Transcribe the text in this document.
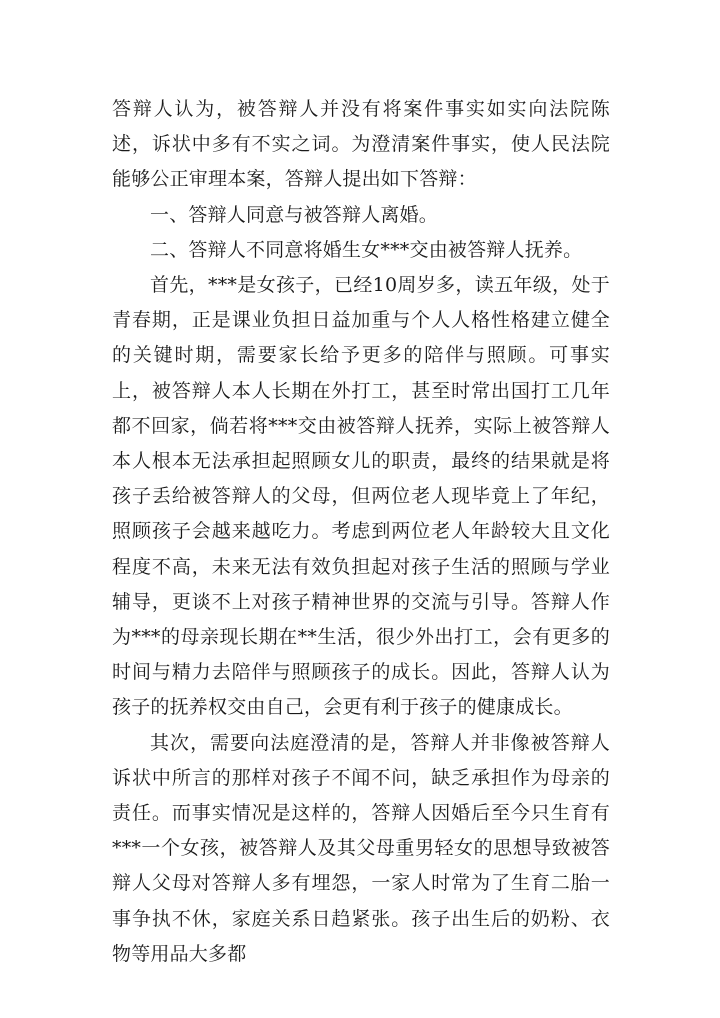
答辩人认为，被答辩人并没有将案件事实如实向法院陈述，诉状中多有不实之词。为澄清案件事实，使人民法院能够公正审理本案，答辩人提出如下答辩：

一、答辩人同意与被答辩人离婚。

二、答辩人不同意将婚生女***交由被答辩人抚养。

首先，***是女孩子，已经10周岁多，读五年级，处于青春期，正是课业负担日益加重与个人人格性格建立健全的关键时期，需要家长给予更多的陪伴与照顾。可事实上，被答辩人本人长期在外打工，甚至时常出国打工几年都不回家，倘若将***交由被答辩人抚养，实际上被答辩人本人根本无法承担起照顾女儿的职责，最终的结果就是将孩子丢给被答辩人的父母，但两位老人现毕竟上了年纪，照顾孩子会越来越吃力。考虑到两位老人年龄较大且文化程度不高，未来无法有效负担起对孩子生活的照顾与学业辅导，更谈不上对孩子精神世界的交流与引导。答辩人作为***的母亲现长期在**生活，很少外出打工，会有更多的时间与精力去陪伴与照顾孩子的成长。因此，答辩人认为孩子的抚养权交由自己，会更有利于孩子的健康成长。

其次，需要向法庭澄清的是，答辩人并非像被答辩人诉状中所言的那样对孩子不闻不问，缺乏承担作为母亲的责任。而事实情况是这样的，答辩人因婚后至今只生育有***一个女孩，被答辩人及其父母重男轻女的思想导致被答辩人父母对答辩人多有埋怨，一家人时常为了生育二胎一事争执不休，家庭关系日趋紧张。孩子出生后的奶粉、衣物等用品大多都
